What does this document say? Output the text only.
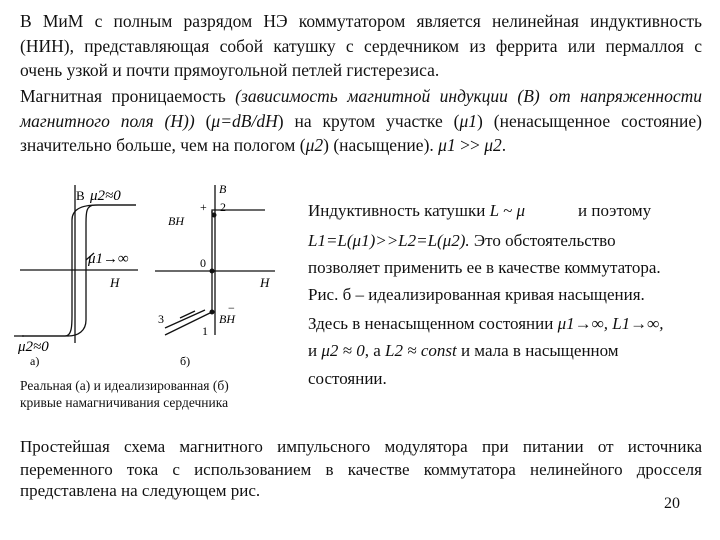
В МиМ с полным разрядом НЭ коммутатором является нелинейная индуктивность

(НИН), представляющая собой катушку с сердечником из феррита или пермаллоя с

очень узкой и почти прямоугольной петлей гистерезиса.

Магнитная проницаемость (зависимость магнитной индукции (В) от напряженности

магнитного поля (Н)) (μ=dB/dH) на крутом участке (μ1) (ненасыщенное состояние)

значительно больше, чем на пологом (μ2) (насыщение). μ1 >> μ2.

B μ2≈0
μ1→∞
H
μ2≈0
а)
B
2
+
BН
0
H
3
1
−
BН
б)

Реальная (а) и идеализированная (б)

кривые намагничивания сердечника

Индуктивность катушки L ~ μ	и поэтому

L1=L(μ1)>>L2=L(μ2). Это обстоятельство

позволяет применить ее в качестве коммутатора.

Рис. б – идеализированная кривая насыщения.

Здесь в ненасыщенном состоянии μ1→∞, L1→∞,

и μ2 ≈ 0, а L2 ≈ const и мала в насыщенном

состоянии.

Простейшая схема магнитного импульсного модулятора при питании от источника

переменного тока с использованием в качестве коммутатора нелинейного дросселя

представлена на следующем рис.

20
